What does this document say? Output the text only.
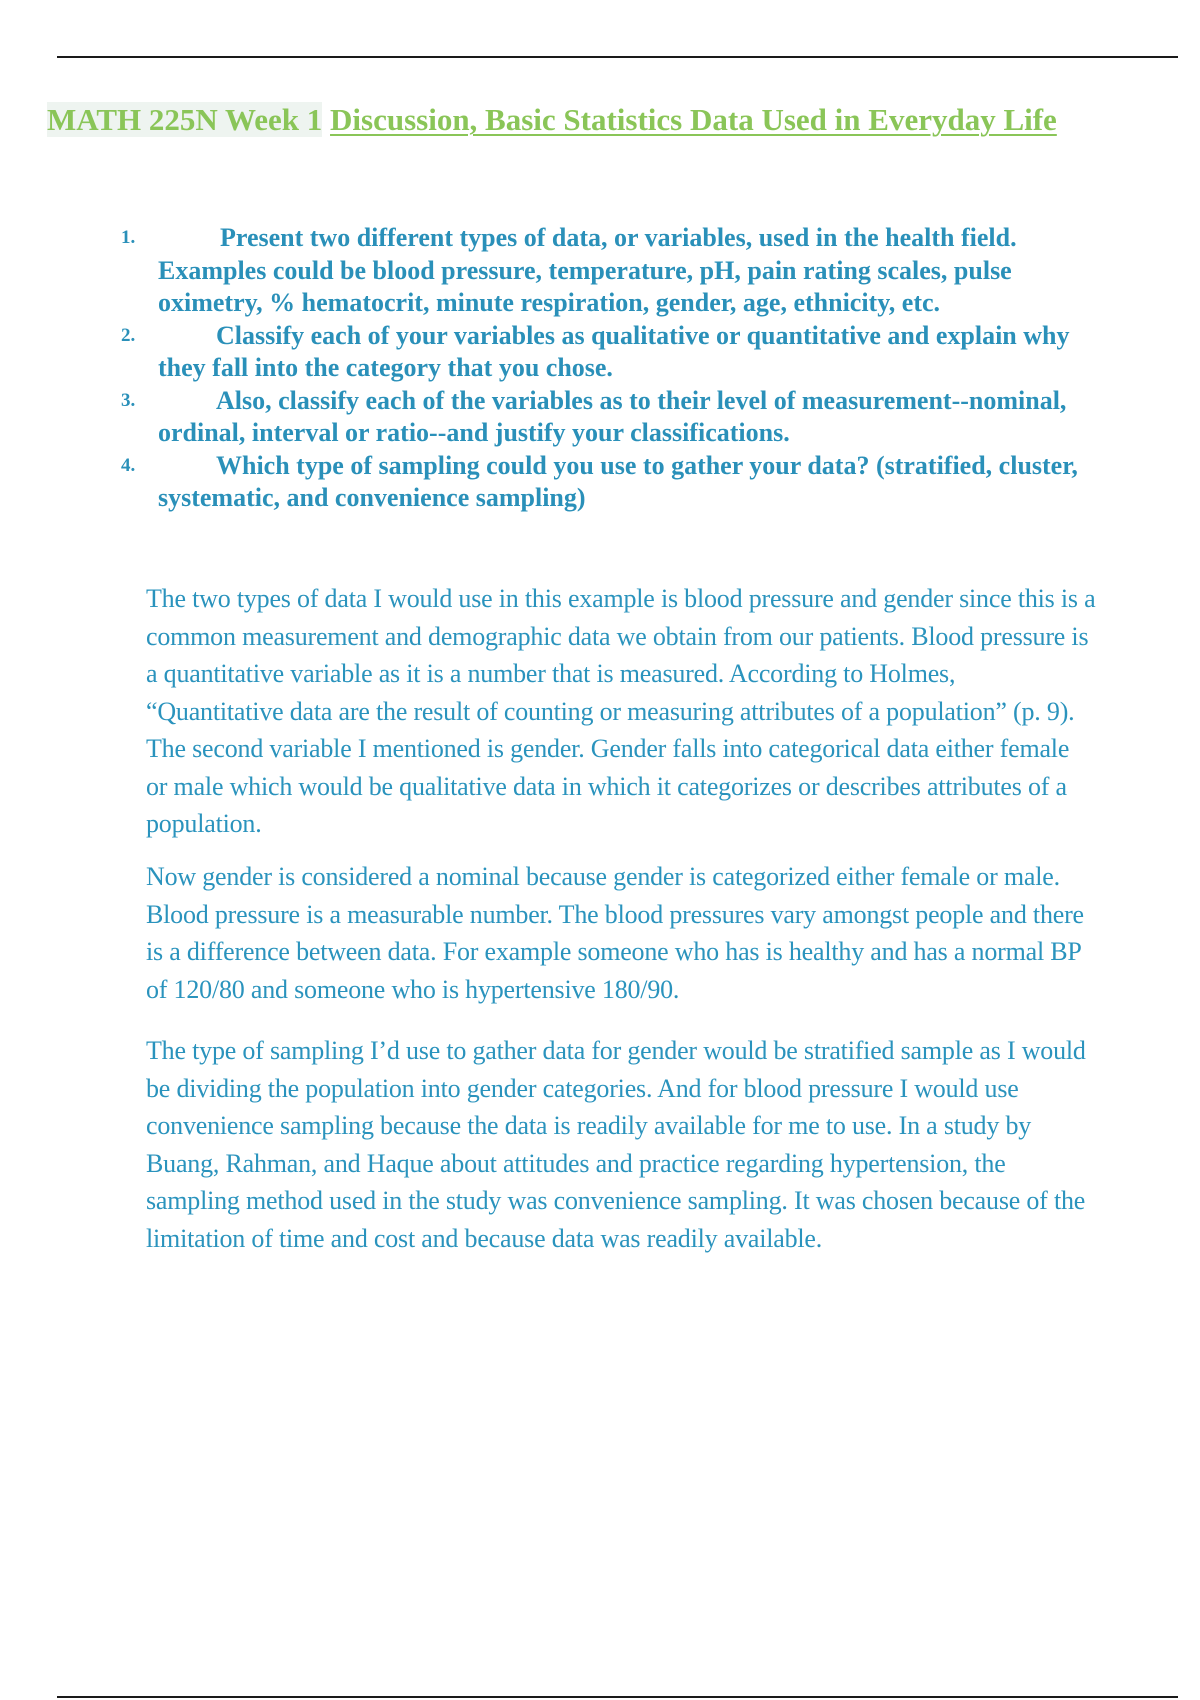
MATH 225N Week 1 Discussion, Basic Statistics Data Used in Everyday Life
1.	Present two different types of data, or variables, used in the health field. Examples could be blood pressure, temperature, pH, pain rating scales, pulse oximetry, % hematocrit, minute respiration, gender, age, ethnicity, etc.
2.	Classify each of your variables as qualitative or quantitative and explain why they fall into the category that you chose.
3.	Also, classify each of the variables as to their level of measurement--nominal, ordinal, interval or ratio--and justify your classifications.
4.	Which type of sampling could you use to gather your data? (stratified, cluster, systematic, and convenience sampling)

The two types of data I would use in this example is blood pressure and gender since this is a common measurement and demographic data we obtain from our patients. Blood pressure is a quantitative variable as it is a number that is measured. According to Holmes, “Quantitative data are the result of counting or measuring attributes of a population” (p. 9). The second variable I mentioned is gender. Gender falls into categorical data either female or male which would be qualitative data in which it categorizes or describes attributes of a population.

Now gender is considered a nominal because gender is categorized either female or male. Blood pressure is a measurable number. The blood pressures vary amongst people and there is a difference between data. For example someone who has is healthy and has a normal BP of 120/80 and someone who is hypertensive 180/90.

The type of sampling I’d use to gather data for gender would be stratified sample as I would be dividing the population into gender categories. And for blood pressure I would use convenience sampling because the data is readily available for me to use. In a study by Buang, Rahman, and Haque about attitudes and practice regarding hypertension, the sampling method used in the study was convenience sampling. It was chosen because of the limitation of time and cost and because data was readily available.
